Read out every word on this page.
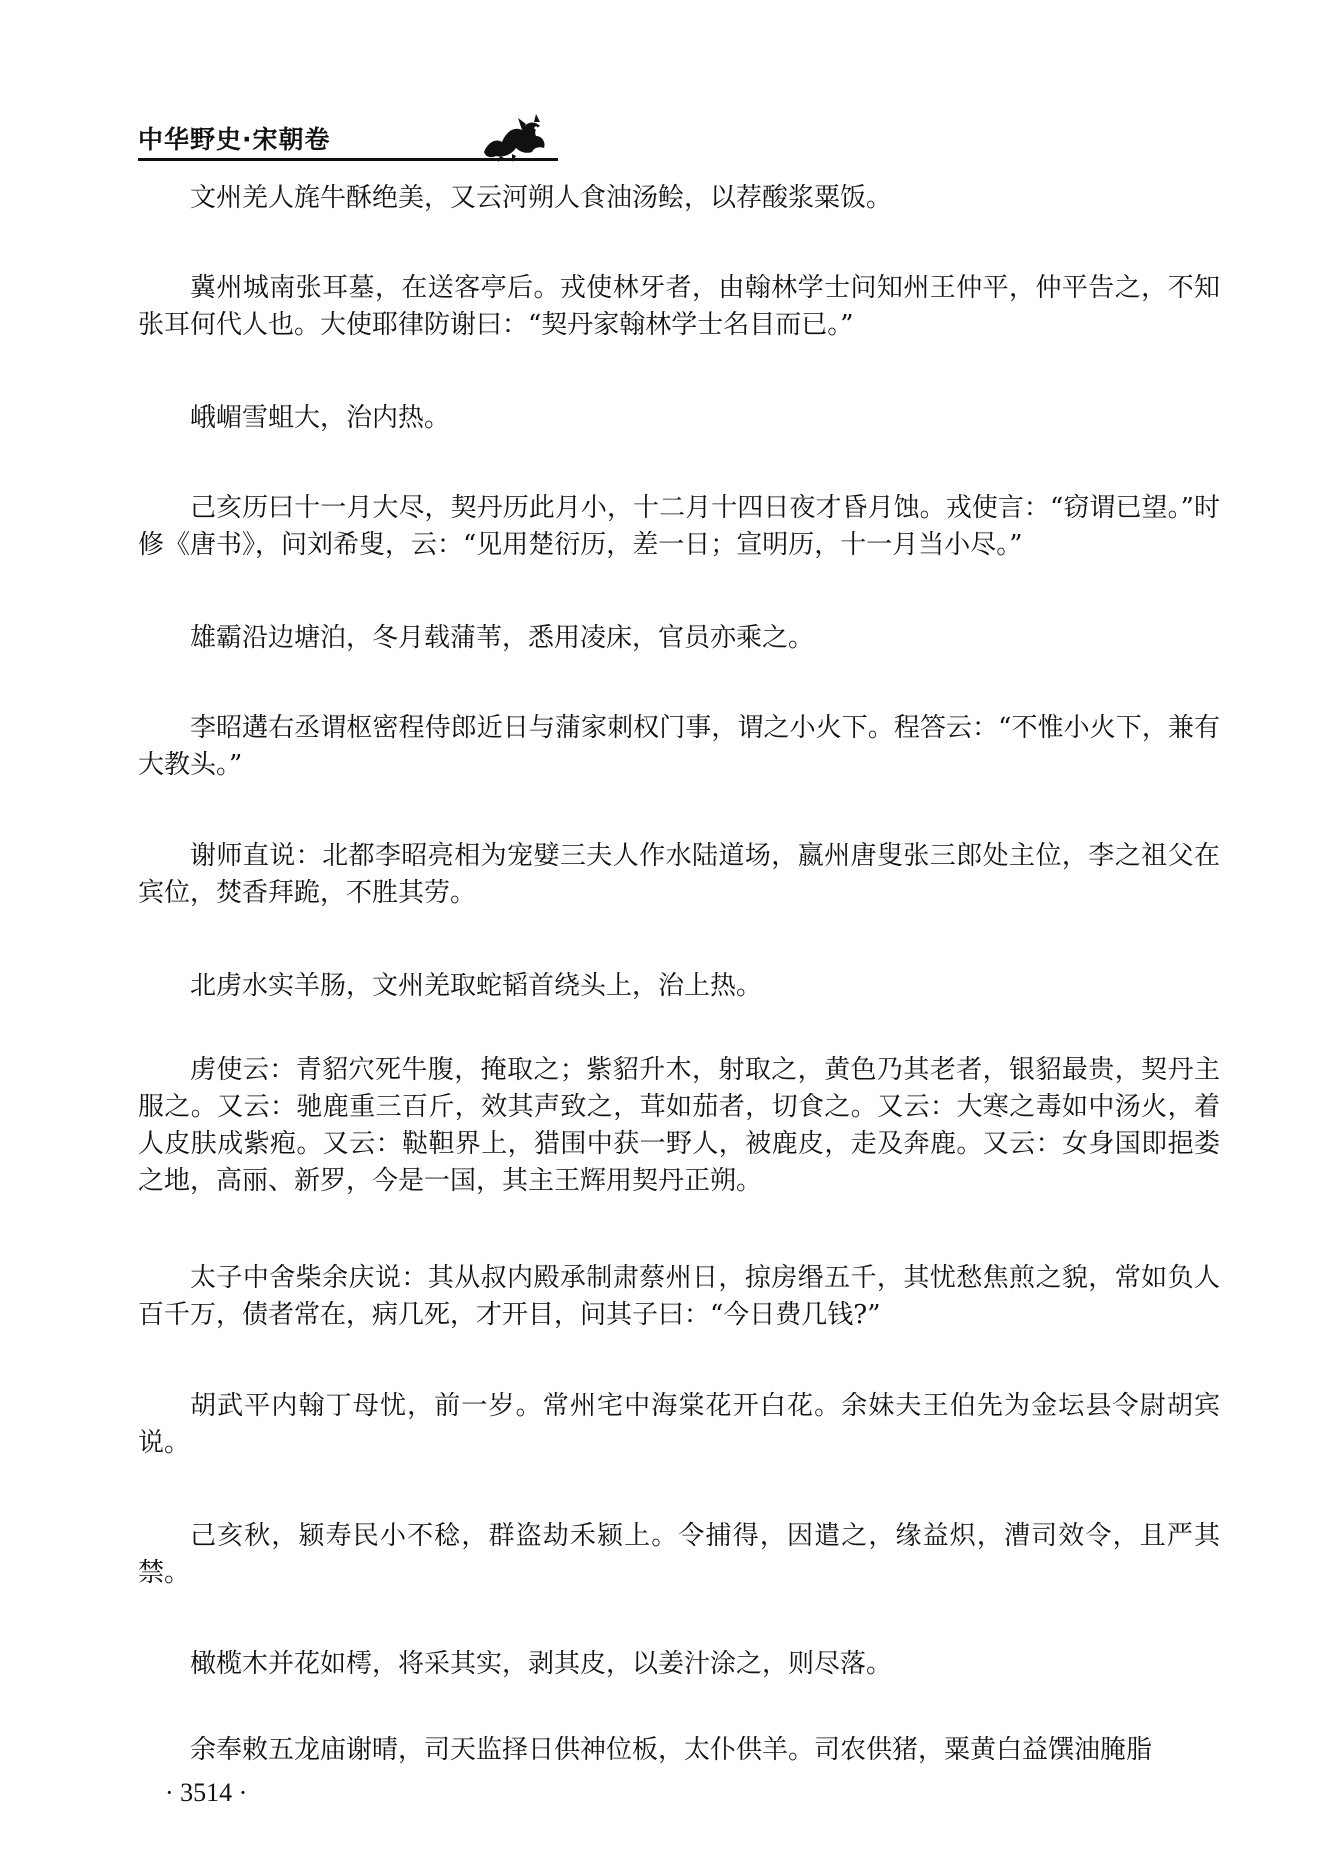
中华野史·宋朝卷

文州羌人旄牛酥绝美，又云河朔人食油汤鲙，以荐酸浆粟饭。

冀州城南张耳墓，在送客亭后。戎使林牙者，由翰林学士问知州王仲平，仲平告之，不知张耳何代人也。大使耶律防谢曰：“契丹家翰林学士名目而已。”

峨嵋雪蛆大，治内热。

己亥历曰十一月大尽，契丹历此月小，十二月十四日夜才昏月蚀。戎使言：“窃谓已望。”时修《唐书》，问刘希叟，云：“见用楚衍历，差一日；宣明历，十一月当小尽。”

雄霸沿边塘泊，冬月载蒲苇，悉用凌床，官员亦乘之。

李昭遘右丞谓枢密程侍郎近日与蒲家刺权门事，谓之小火下。程答云：“不惟小火下，兼有大教头。”

谢师直说：北都李昭亮相为宠嬖三夫人作水陆道场，嬴州唐叟张三郎处主位，李之祖父在宾位，焚香拜跪，不胜其劳。

北虏水实羊肠，文州羌取蛇韬首绕头上，治上热。

虏使云：青貂穴死牛腹，掩取之；紫貂升木，射取之，黄色乃其老者，银貂最贵，契丹主服之。又云：驰鹿重三百斤，效其声致之，茸如茄者，切食之。又云：大寒之毒如中汤火，着人皮肤成紫疱。又云：鞑靼界上，猎围中获一野人，被鹿皮，走及奔鹿。又云：女身国即挹娄之地，高丽、新罗，今是一国，其主王辉用契丹正朔。

太子中舍柴余庆说：其从叔内殿承制肃蔡州日，掠房缗五千，其忧愁焦煎之貌，常如负人百千万，债者常在，病几死，才开目，问其子曰：“今日费几钱?”

胡武平内翰丁母忧，前一岁。常州宅中海棠花开白花。余妹夫王伯先为金坛县令尉胡宾说。

己亥秋，颍寿民小不稔，群盗劫禾颍上。令捕得，因遣之，缘益炽，漕司效令，且严其禁。

橄榄木并花如樗，将采其实，剥其皮，以姜汁涂之，则尽落。

余奉敕五龙庙谢晴，司天监择日供神位板，太仆供羊。司农供猪，粟黄白益馔油腌脂

· 3514 ·
